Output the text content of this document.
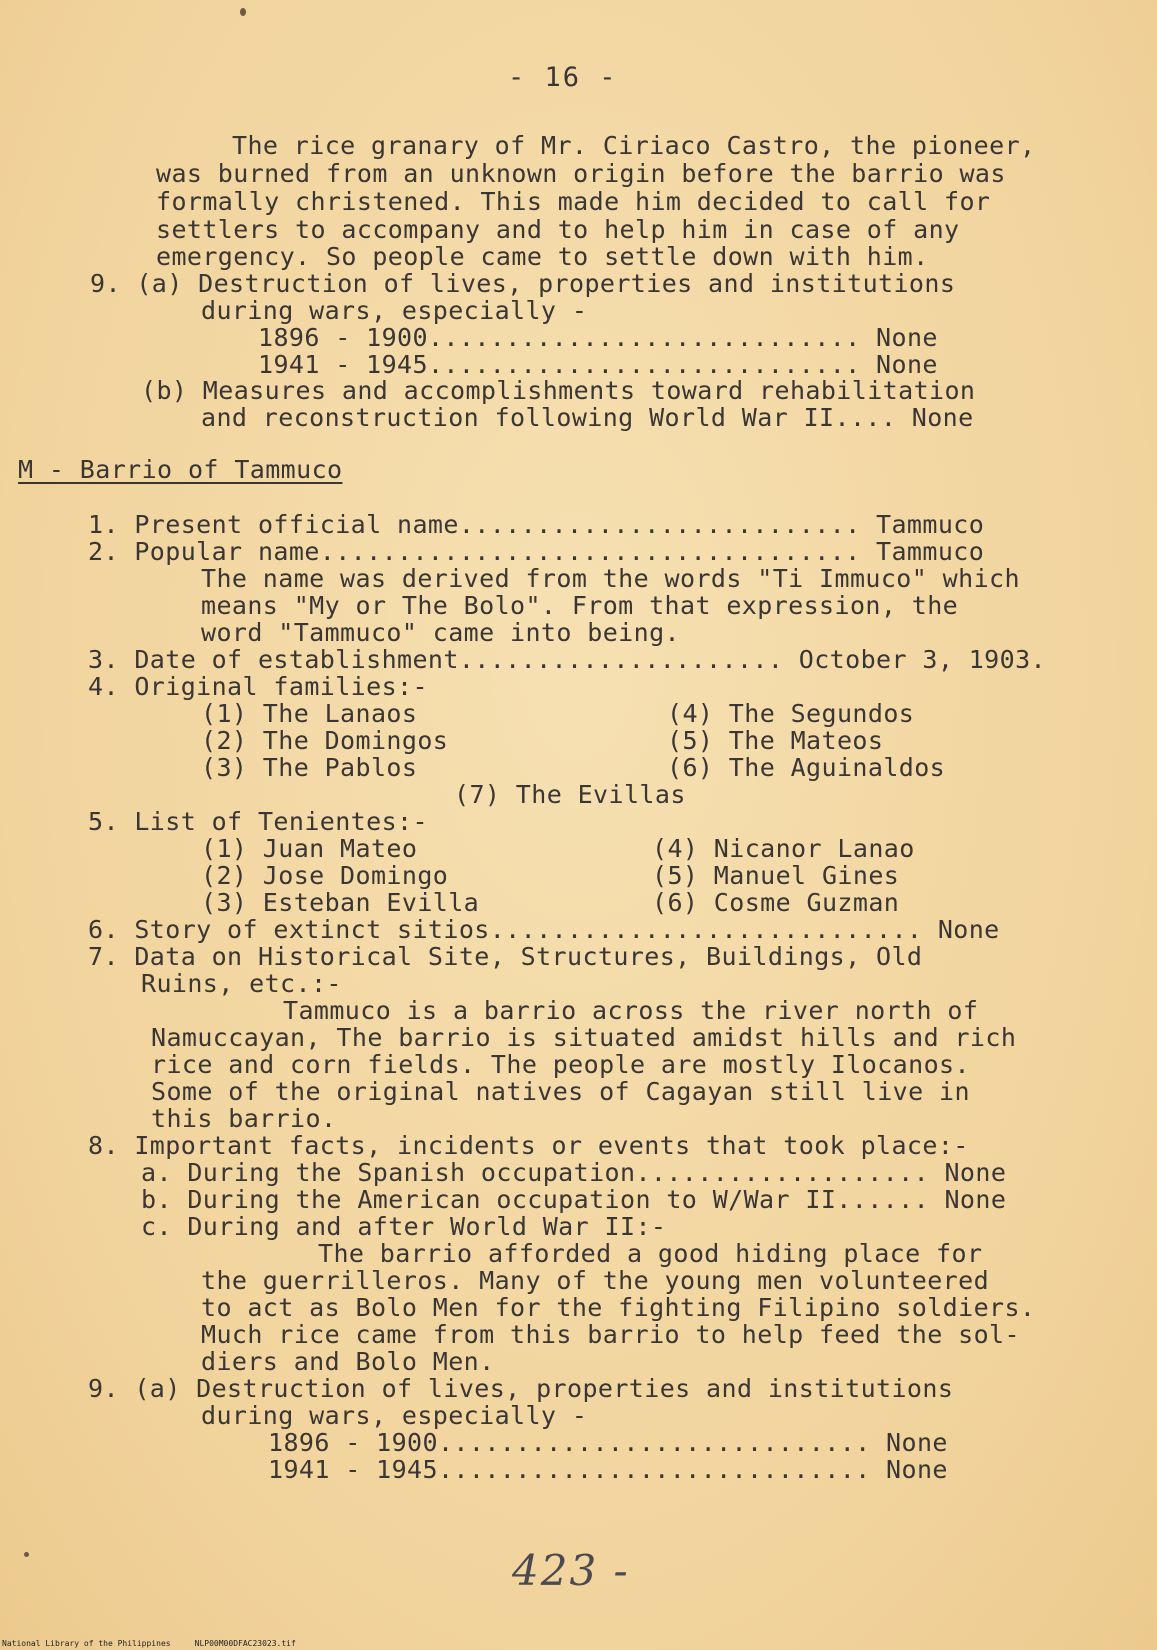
- 16 -
The rice granary of Mr. Ciriaco Castro, the pioneer,
was burned from an unknown origin before the barrio was
formally christened. This made him decided to call for
settlers to accompany and to help him in case of any
emergency. So people came to settle down with him.
9. (a) Destruction of lives, properties and institutions
during wars, especially -
1896 - 1900............................ None
1941 - 1945............................ None
(b) Measures and accomplishments toward rehabilitation
and reconstruction following World War II.... None
M - Barrio of Tammuco
1. Present official name.......................... Tammuco
2. Popular name................................... Tammuco
The name was derived from the words "Ti Immuco" which
means "My or The Bolo". From that expression, the
word "Tammuco" came into being.
3. Date of establishment..................... October 3, 1903.
4. Original families:-
(1) The Lanaos	(4) The Segundos
(2) The Domingos	(5) The Mateos
(3) The Pablos	(6) The Aguinaldos
(7) The Evillas
5. List of Tenientes:-
(1) Juan Mateo	(4) Nicanor Lanao
(2) Jose Domingo	(5) Manuel Gines
(3) Esteban Evilla	(6) Cosme Guzman
6. Story of extinct sitios............................ None
7. Data on Historical Site, Structures, Buildings, Old
Ruins, etc.:-
Tammuco is a barrio across the river north of
Namuccayan, The barrio is situated amidst hills and rich
rice and corn fields. The people are mostly Ilocanos.
Some of the original natives of Cagayan still live in
this barrio.
8. Important facts, incidents or events that took place:-
a. During the Spanish occupation................... None
b. During the American occupation to W/War II...... None
c. During and after World War II:-
The barrio afforded a good hiding place for
the guerrilleros. Many of the young men volunteered
to act as Bolo Men for the fighting Filipino soldiers.
Much rice came from this barrio to help feed the sol-
diers and Bolo Men.
9. (a) Destruction of lives, properties and institutions
during wars, especially -
1896 - 1900............................ None
1941 - 1945............................ None
423 -
National Library of the Philippines     NLP00M00DFAC23023.tif
